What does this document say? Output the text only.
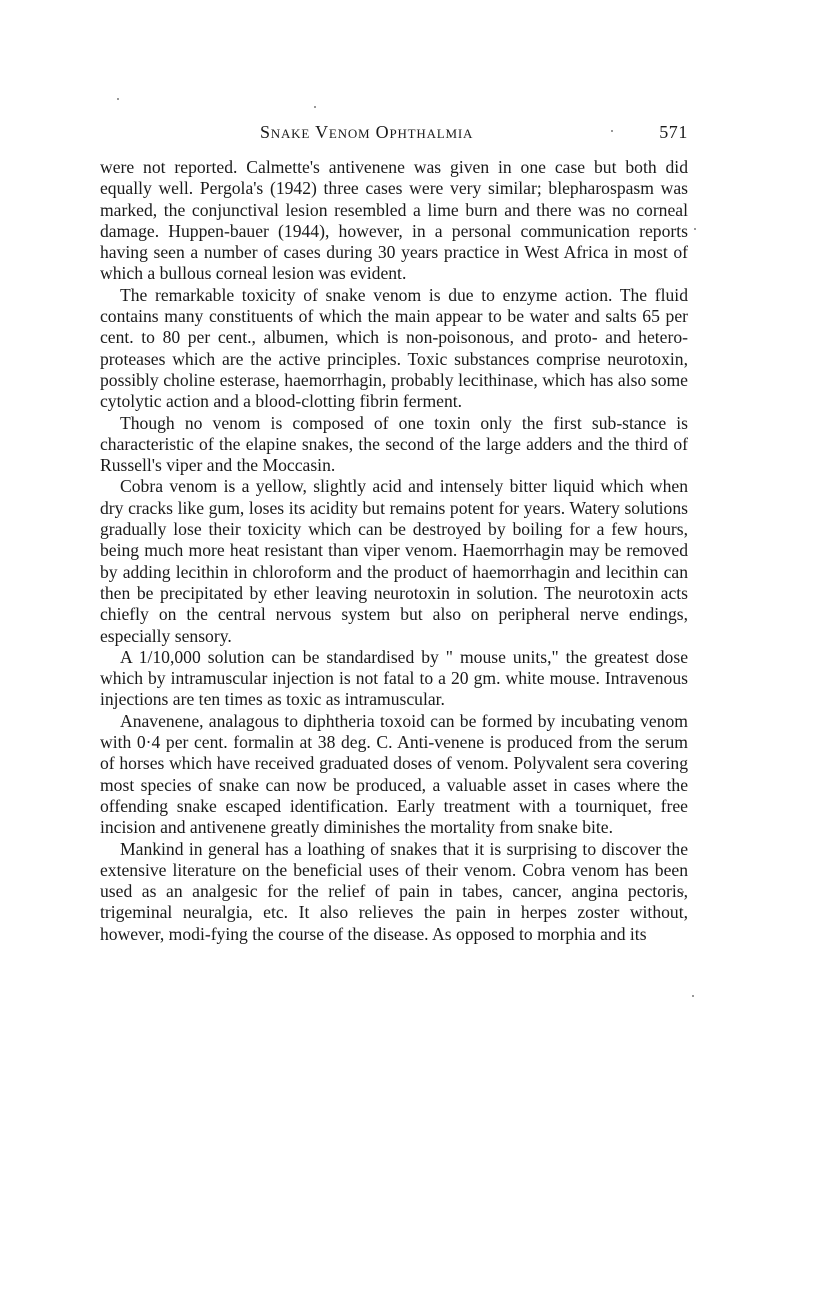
Snake Venom Ophthalmia	571

were not reported. Calmette's antivenene was given in one case but both did equally well. Pergola's (1942) three cases were very similar; blepharospasm was marked, the conjunctival lesion resembled a lime burn and there was no corneal damage. Huppen-bauer (1944), however, in a personal communication reports having seen a number of cases during 30 years practice in West Africa in most of which a bullous corneal lesion was evident.

The remarkable toxicity of snake venom is due to enzyme action. The fluid contains many constituents of which the main appear to be water and salts 65 per cent. to 80 per cent., albumen, which is non-poisonous, and proto- and hetero-proteases which are the active principles. Toxic substances comprise neurotoxin, possibly choline esterase, haemorrhagin, probably lecithinase, which has also some cytolytic action and a blood-clotting fibrin ferment.

Though no venom is composed of one toxin only the first sub-stance is characteristic of the elapine snakes, the second of the large adders and the third of Russell's viper and the Moccasin.

Cobra venom is a yellow, slightly acid and intensely bitter liquid which when dry cracks like gum, loses its acidity but remains potent for years. Watery solutions gradually lose their toxicity which can be destroyed by boiling for a few hours, being much more heat resistant than viper venom. Haemorrhagin may be removed by adding lecithin in chloroform and the product of haemorrhagin and lecithin can then be precipitated by ether leaving neurotoxin in solution. The neurotoxin acts chiefly on the central nervous system but also on peripheral nerve endings, especially sensory.

A 1/10,000 solution can be standardised by " mouse units," the greatest dose which by intramuscular injection is not fatal to a 20 gm. white mouse. Intravenous injections are ten times as toxic as intramuscular.

Anavenene, analagous to diphtheria toxoid can be formed by incubating venom with 0·4 per cent. formalin at 38 deg. C. Anti-venene is produced from the serum of horses which have received graduated doses of venom. Polyvalent sera covering most species of snake can now be produced, a valuable asset in cases where the offending snake escaped identification. Early treatment with a tourniquet, free incision and antivenene greatly diminishes the mortality from snake bite.

Mankind in general has a loathing of snakes that it is surprising to discover the extensive literature on the beneficial uses of their venom. Cobra venom has been used as an analgesic for the relief of pain in tabes, cancer, angina pectoris, trigeminal neuralgia, etc. It also relieves the pain in herpes zoster without, however, modi-fying the course of the disease. As opposed to morphia and its
